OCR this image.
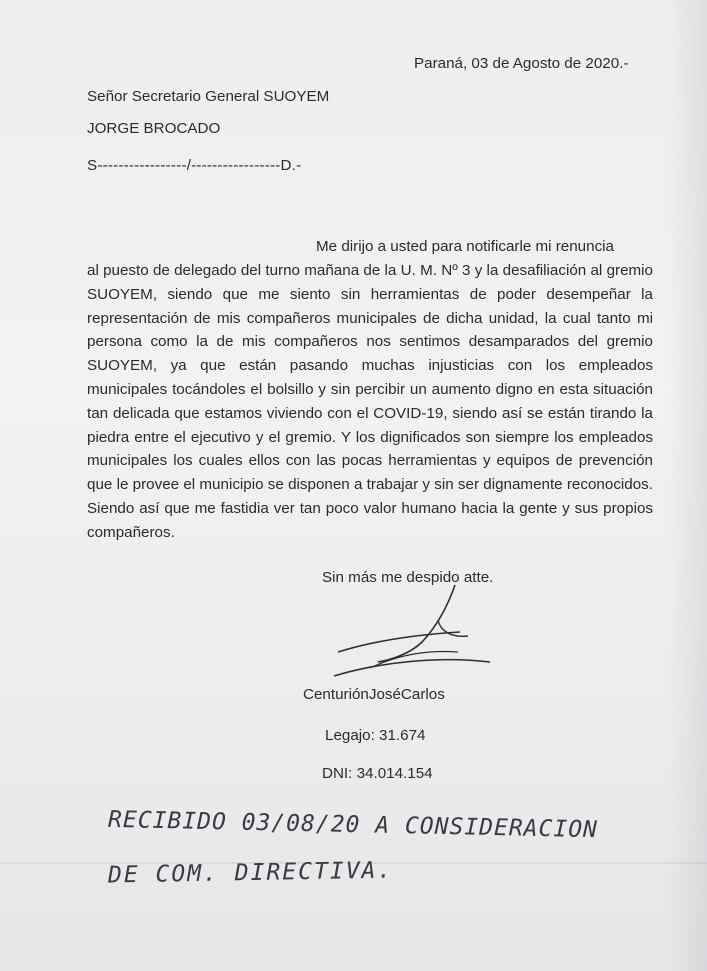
Paraná, 03 de Agosto de 2020.-
Señor Secretario General SUOYEM
JORGE BROCADO
S-----------------/-----------------D.-
Me dirijo a usted para notificarle mi renuncia

al puesto de delegado del turno mañana de la U. M. Nº 3 y la desafiliación al gremio SUOYEM, siendo que me siento sin herramientas de poder desempeñar la representación de mis compañeros municipales de dicha unidad, la cual tanto mi persona como la de mis compañeros nos sentimos desamparados del gremio SUOYEM, ya que están pasando muchas injusticias con los empleados municipales tocándoles el bolsillo y sin percibir un aumento digno en esta situación tan delicada que estamos viviendo con el COVID-19, siendo así se están tirando la piedra entre el ejecutivo y el gremio. Y los dignificados son siempre los empleados municipales los cuales ellos con las pocas herramientas y equipos de prevención que le provee el municipio se disponen a trabajar y sin ser dignamente reconocidos. Siendo así que me fastidia ver tan poco valor humano hacia la gente y sus propios compañeros.

Sin más me despido atte.
CenturiónJoséCarlos
Legajo: 31.674
DNI: 34.014.154
RECIBIDO 03/08/20 A CONSIDERACION
DE COM. DIRECTIVA.
